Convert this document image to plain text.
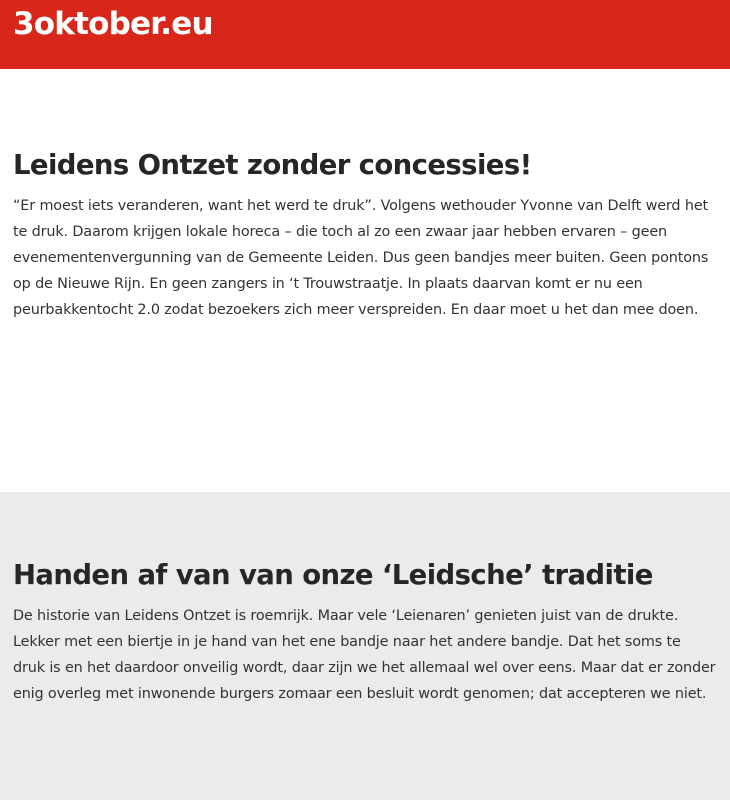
3oktober.eu
Leidens Ontzet zonder concessies!

“Er moest iets veranderen, want het werd te druk”. Volgens wethouder Yvonne van Delft werd het te druk. Daarom krijgen lokale horeca – die toch al zo een zwaar jaar hebben ervaren – geen evenementenvergunning van de Gemeente Leiden. Dus geen bandjes meer buiten. Geen pontons op de Nieuwe Rijn. En geen zangers in ‘t Trouwstraatje. In plaats daarvan komt er nu een peurbakkentocht 2.0 zodat bezoekers zich meer verspreiden. En daar moet u het dan mee doen.

Handen af van van onze ‘Leidsche’ traditie

De historie van Leidens Ontzet is roemrijk. Maar vele ‘Leienaren’ genieten juist van de drukte. Lekker met een biertje in je hand van het ene bandje naar het andere bandje. Dat het soms te druk is en het daardoor onveilig wordt, daar zijn we het allemaal wel over eens. Maar dat er zonder enig overleg met inwonende burgers zomaar een besluit wordt genomen; dat accepteren we niet.
